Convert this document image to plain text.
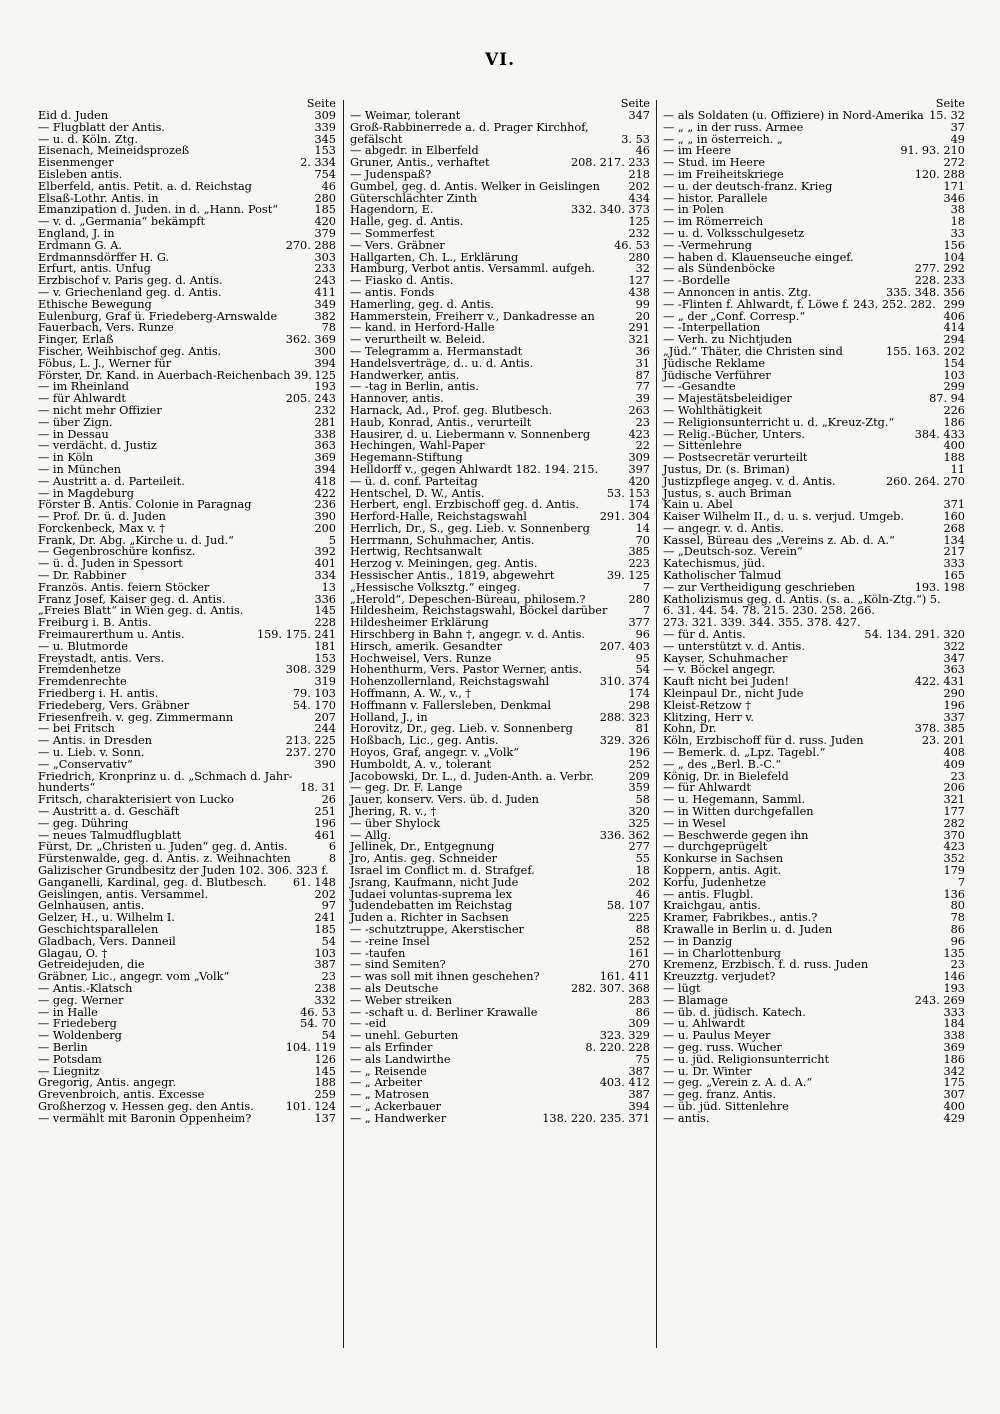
VI.
Seite
Eid d. Juden	309
— Flugblatt der Antis.	339
— u. d. Köln. Ztg.	345
Eisenach, Meineidsprozeß	153
Eisenmenger	2. 334
Eisleben antis.	754
Elberfeld, antis. Petit. a. d. Reichstag	46
Elsaß-Lothr. Antis. in	280
Emanzipation d. Juden. in d. „Hann. Post“	185
— v. d. „Germania“ bekämpft	420
England, J. in	379
Erdmann G. A.	270. 288
Erdmannsdörffer H. G.	303
Erfurt, antis. Unfug	233
Erzbischof v. Paris geg. d. Antis.	243
— v. Griechenland geg. d. Antis.	411
Ethische Bewegung	349
Eulenburg, Graf ü. Friedeberg-Arnswalde	382
Fauerbach, Vers. Runze	78
Finger, Erlaß	362. 369
Fischer, Weihbischof geg. Antis.	300
Föbus, L. J., Werner für	394
Förster, Dr. Kand. in Auerbach-Reichenbach 39. 125
— im Rheinland	193
— für Ahlwardt	205. 243
— nicht mehr Offizier	232
— über Zign.	281
— in Dessau	338
— verdächt. d. Justiz	363
— in Köln	369
— in München	394
— Austritt a. d. Parteileit.	418
— in Magdeburg	422
Förster B. Antis. Colonie in Paragnag	236
— Prof. Dr. ü. d. Juden	390
Forckenbeck, Max v. †	200
Frank, Dr. Abg. „Kirche u. d. Jud.“	5
— Gegenbroschüre konfisz.	392
— ü. d. Juden in Spessort	401
— Dr. Rabbiner	334
Französ. Antis. feiern Stöcker	13
Franz Josef, Kaiser geg. d. Antis.	336
„Freies Blatt“ in Wien geg. d. Antis.	145
Freiburg i. B. Antis.	228
Freimaurerthum u. Antis.	159. 175. 241
— u. Blutmorde	181
Freystadt, antis. Vers.	153
Fremdenhetze	308. 329
Fremdenrechte	319
Friedberg i. H. antis.	79. 103
Friedeberg, Vers. Gräbner	54. 170
Friesenfreih. v. geg. Zimmermann	207
— bei Fritsch	244
— Antis. in Dresden	213. 225
— u. Lieb. v. Sonn.	237. 270
— „Conservativ“	390
Friedrich, Kronprinz u. d. „Schmach d. Jahr-
hunderts“	18. 31
Fritsch, charakterisiert von Lucko	26
— Austritt a. d. Geschäft	251
— geg. Dühring	196
— neues Talmudflugblatt	461
Fürst, Dr. „Christen u. Juden“ geg. d. Antis.	6
Fürstenwalde, geg. d. Antis. z. Weihnachten	8
Galizischer Grundbesitz der Juden 102. 306. 323 f.
Ganganelli, Kardinal, geg. d. Blutbesch. 61. 148
Geislingen, antis. Versammel.	202
Gelnhausen, antis.	97
Gelzer, H., u. Wilhelm I.	241
Geschichtsparallelen	185
Gladbach, Vers. Danneil	54
Glagau, O. †	103
Getreidejuden, die	387
Gräbner, Lic., angegr. vom „Volk“	23
— Antis.-Klatsch	238
— geg. Werner	332
— in Halle	46. 53
— Friedeberg	54. 70
— Woldenberg	54
— Berlin	104. 119
— Potsdam	126
— Liegnitz	145
Gregorig, Antis. angegr.	188
Grevenbroich, antis. Excesse	259
Großherzog v. Hessen geg. den Antis.	101. 124
— vermählt mit Baronin Oppenheim?	137
Seite
— Weimar, tolerant	347
Groß-Rabbinerrede a. d. Prager Kirchhof,
gefälscht	3. 53
— abgedr. in Elberfeld	46
Gruner, Antis., verhaftet	208. 217. 233
— Judenspaß?	218
Gumbel, geg. d. Antis. Welker in Geislingen	202
Güterschlächter Zinth	434
Hagendorn, E.	332. 340. 373
Halle, geg. d. Antis.	125
— Sommerfest	232
— Vers. Gräbner	46. 53
Hallgarten, Ch. L., Erklärung	280
Hamburg, Verbot antis. Versamml. aufgeh.	32
— Fiasko d. Antis.	127
— antis. Fonds	438
Hamerling, geg. d. Antis.	99
Hammerstein, Freiherr v., Dankadresse an	20
— kand. in Herford-Halle	291
— verurtheilt w. Beleid.	321
— Telegramm a. Hermanstadt	36
Handelsverträge, d.. u. d. Antis.	31
Handwerker, antis.	87
— -tag in Berlin, antis.	77
Hannover, antis.	39
Harnack, Ad., Prof. geg. Blutbesch.	263
Haub, Konrad, Antis., verurteilt	23
Hausirer, d. u. Liebermann v. Sonnenberg	423
Hechingen, Wahl-Paper	22
Hegemann-Stiftung	309
Helldorff v., gegen Ahlwardt 182. 194. 215.	397
— ü. d. conf. Parteitag	420
Hentschel, D. W., Antis.	53. 153
Herbert, engl. Erzbischoff geg. d. Antis.	174
Herford-Halle, Reichstagswahl	291. 304
Herrlich, Dr., S., geg. Lieb. v. Sonnenberg	14
Herrmann, Schuhmacher, Antis.	70
Hertwig, Rechtsanwalt	385
Herzog v. Meiningen, geg. Antis.	223
Hessischer Antis., 1819, abgewehrt	39. 125
„Hessische Volksztg.“ eingeg.	7
„Herold“, Depeschen-Büreau, philosem.?	280
Hildesheim, Reichstagswahl, Böckel darüber	7
Hildesheimer Erklärung	377
Hirschberg in Bahn †, angegr. v. d. Antis.	96
Hirsch, amerik. Gesandter	207. 403
Hochweisel, Vers. Runze	95
Hohenthurm, Vers. Pastor Werner, antis.	54
Hohenzollernland, Reichstagswahl	310. 374
Hoffmann, A. W., v., †	174
Hoffmann v. Fallersleben, Denkmal	298
Holland, J., in	288. 323
Horovitz, Dr., geg. Lieb. v. Sonnenberg	81
Hoßbach, Lic., geg. Antis.	329. 326
Hoyos, Graf, angegr. v. „Volk“	196
Humboldt, A. v., tolerant	252
Jacobowski, Dr. L., d. Juden-Anth. a. Verbr.	209
— geg. Dr. F. Lange	359
Jauer, konserv. Vers. üb. d. Juden	58
Jhering, R. v., †	320
— über Shylock	325
— Allg.	336. 362
Jellinek, Dr., Entgegnung	277
Jro, Antis. geg. Schneider	55
Israel im Conflict m. d. Strafgef.	18
Jsrang, Kaufmann, nicht Jude	202
Judaei voluntas-suprema lex	46
Judendebatten im Reichstag	58. 107
Juden a. Richter in Sachsen	225
— -schutztruppe, Akerstischer	88
— -reine Insel	252
— -taufen	161
— sind Semiten?	270
— was soll mit ihnen geschehen?	161. 411
— als Deutsche	282. 307. 368
— Weber streiken	283
— -schaft u. d. Berliner Krawalle	86
— -eid	309
— unehl. Geburten	323. 329
— als Erfinder	8. 220. 228
— als Landwirthe	75
— „ Reisende	387
— „ Arbeiter	403. 412
— „ Matrosen	387
— „ Ackerbauer	394
— „ Handwerker	138. 220. 235. 371
Seite
— als Soldaten (u. Offiziere) in Nord-Amerika 15. 32
— „ „ in der russ. Armee	37
— „ „ in österreich. „	49
— im Heere	91. 93. 210
— Stud. im Heere	272
— im Freiheitskriege	120. 288
— u. der deutsch-franz. Krieg	171
— histor. Parallele	346
— in Polen	38
— im Römerreich	18
— u. d. Volksschulgesetz	33
— -Vermehrung	156
— haben d. Klauenseuche eingef.	104
— als Sündenböcke	277. 292
— -Bordelle	228. 233
— Annoncen in antis. Ztg.	335. 348. 356
— -Flinten f. Ahlwardt, f. Löwe f. 243. 252. 282. 299
— „ der „Conf. Corresp.“	406
— -Interpellation	414
— Verh. zu Nichtjuden	294
„Jüd.“ Thäter, die Christen sind	155. 163. 202
Jüdische Reklame	154
Jüdische Verführer	103
— -Gesandte	299
— Majestätsbeleidiger	87. 94
— Wohlthätigkeit	226
— Religionsunterricht u. d. „Kreuz-Ztg.“	186
— Relig.-Bücher, Unters.	384. 433
— Sittenlehre	400
— Postsecretär verurteilt	188
Justus, Dr. (s. Briman)	11
Justizpflege angeg. v. d. Antis.	260. 264. 270
Justus, s. auch Briman
Kain u. Abel	371
Kaiser Wilhelm II., d. u. s. verjud. Umgeb.	160
— angegr. v. d. Antis.	268
Kassel, Büreau des „Vereins z. Ab. d. A.“	134
— „Deutsch-soz. Verein“	217
Katechismus, jüd.	333
Katholischer Talmud	165
— zur Vertheidigung geschrieben	193. 198
Katholizismus geg. d. Antis. (s. a. „Köln-Ztg.“) 5.
6. 31. 44. 54. 78. 215. 230. 258. 266.
273. 321. 339. 344. 355. 378. 427.
— für d. Antis.	54. 134. 291. 320
— unterstützt v. d. Antis.	322
Kayser, Schuhmacher	347
— v. Böckel angegr.	363
Kauft nicht bei Juden!	422. 431
Kleinpaul Dr., nicht Jude	290
Kleist-Retzow †	196
Klitzing, Herr v.	337
Kohn, Dr.	378. 385
Köln, Erzbischoff für d. russ. Juden	23. 201
— Bemerk. d. „Lpz. Tagebl.“	408
— „ des „Berl. B.-C.“	409
König, Dr. in Bielefeld	23
— für Ahlwardt	206
— u. Hegemann, Samml.	321
— in Witten durchgefallen	177
— in Wesel	282
— Beschwerde gegen ihn	370
— durchgeprügelt	423
Konkurse in Sachsen	352
Koppern, antis. Agit.	179
Korfu, Judenhetze	7
— antis. Flugbl.	136
Kraichgau, antis.	80
Kramer, Fabrikbes., antis.?	78
Krawalle in Berlin u. d. Juden	86
— in Danzig	96
— in Charlottenburg	135
Kremenz, Erzbisch. f. d. russ. Juden	23
Kreuzztg. verjudet?	146
— lügt	193
— Blamage	243. 269
— üb. d. jüdisch. Katech.	333
— u. Ahlwardt	184
— u. Paulus Meyer	338
— geg. russ. Wucher	369
— u. jüd. Religionsunterricht	186
— u. Dr. Winter	342
— geg. „Verein z. A. d. A.“	175
— geg. franz. Antis.	307
— üb. jüd. Sittenlehre	400
— antis.	429
